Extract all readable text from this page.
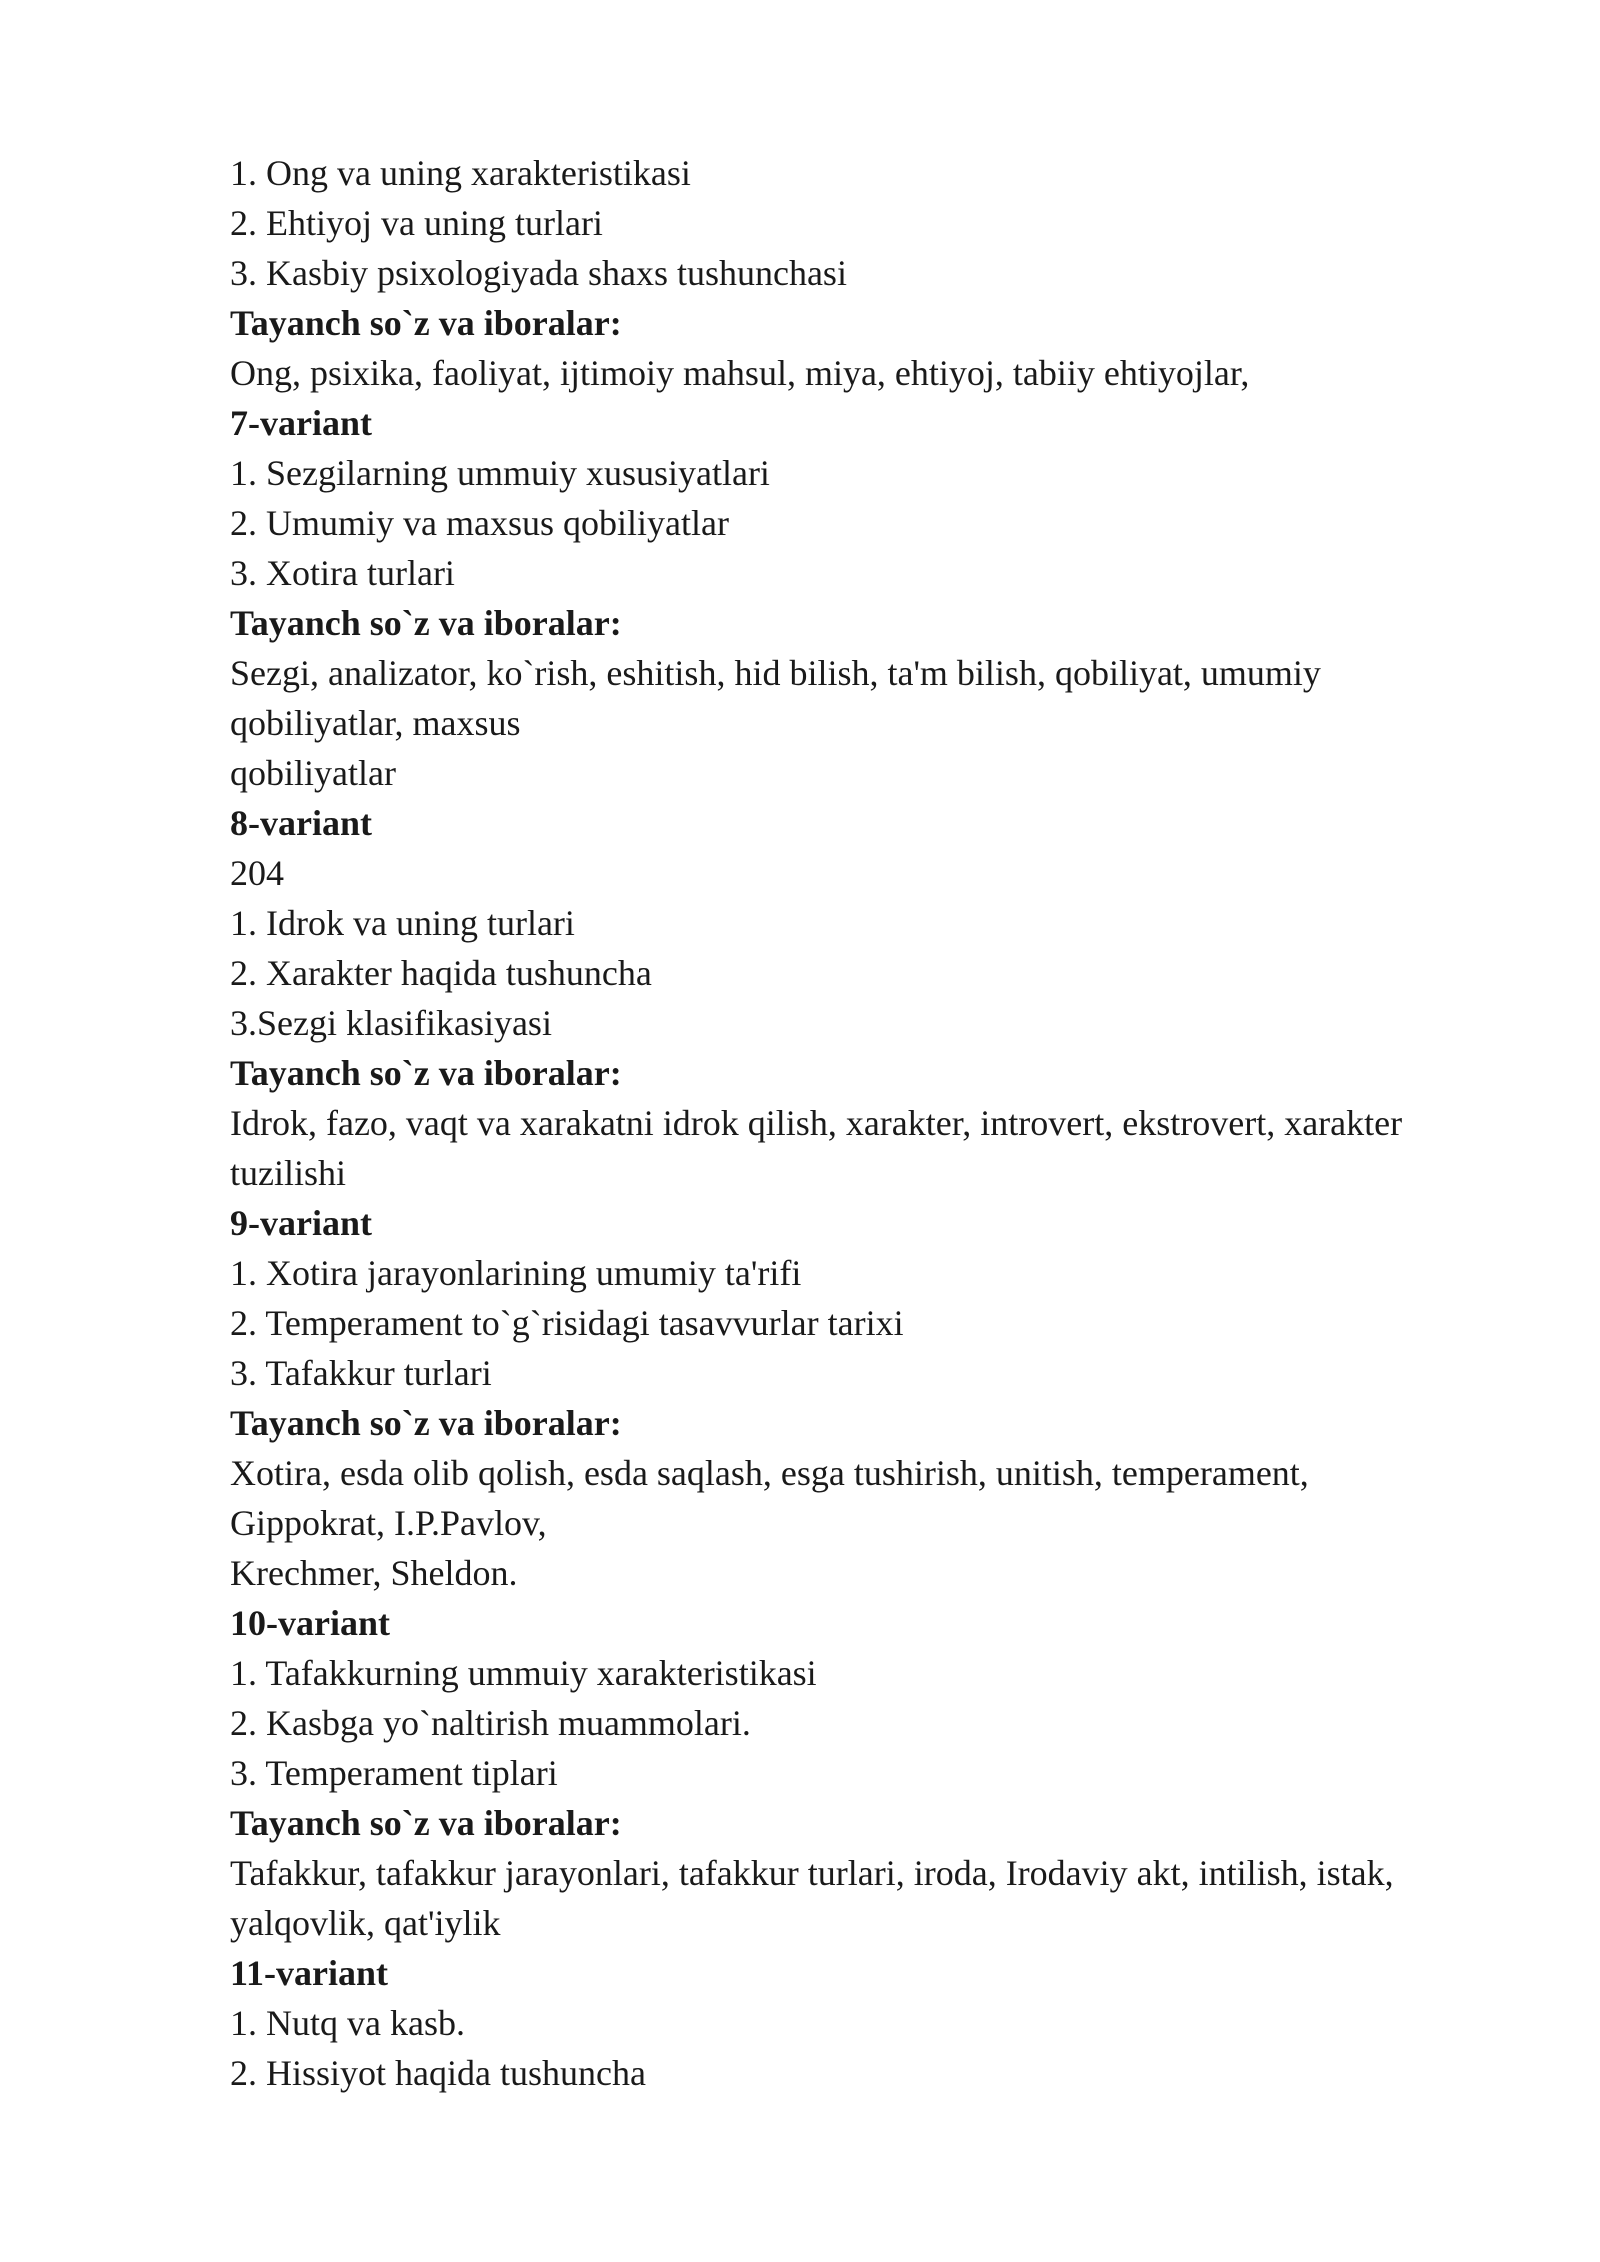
1. Ong va uning xarakteristikasi
2. Ehtiyoj va uning turlari
3. Kasbiy psixologiyada shaxs tushunchasi
Tayanch so`z va iboralar:
Ong, psixika, faoliyat, ijtimoiy mahsul, miya, ehtiyoj, tabiiy ehtiyojlar,
7-variant
1. Sezgilarning ummuiy xususiyatlari
2. Umumiy va maxsus qobiliyatlar
3. Xotira turlari
Tayanch so`z va iboralar:
Sezgi, analizator, ko`rish, eshitish, hid bilish, ta'm bilish, qobiliyat, umumiy
qobiliyatlar, maxsus
qobiliyatlar
8-variant
204
1. Idrok va uning turlari
2. Xarakter haqida tushuncha
3.Sezgi klasifikasiyasi
Tayanch so`z va iboralar:
Idrok, fazo, vaqt va xarakatni idrok qilish, xarakter, introvert, ekstrovert, xarakter
tuzilishi
9-variant
1. Xotira jarayonlarining umumiy ta'rifi
2. Temperament to`g`risidagi tasavvurlar tarixi
3. Tafakkur turlari
Tayanch so`z va iboralar:
Xotira, esda olib qolish, esda saqlash, esga tushirish, unitish, temperament,
Gippokrat, I.P.Pavlov,
Krechmer, Sheldon.
10-variant
1. Tafakkurning ummuiy xarakteristikasi
2. Kasbga yo`naltirish muammolari.
3. Temperament tiplari
Tayanch so`z va iboralar:
Tafakkur, tafakkur jarayonlari, tafakkur turlari, iroda, Irodaviy akt, intilish, istak,
yalqovlik, qat'iylik
11-variant
1. Nutq va kasb.
2. Hissiyot haqida tushuncha
